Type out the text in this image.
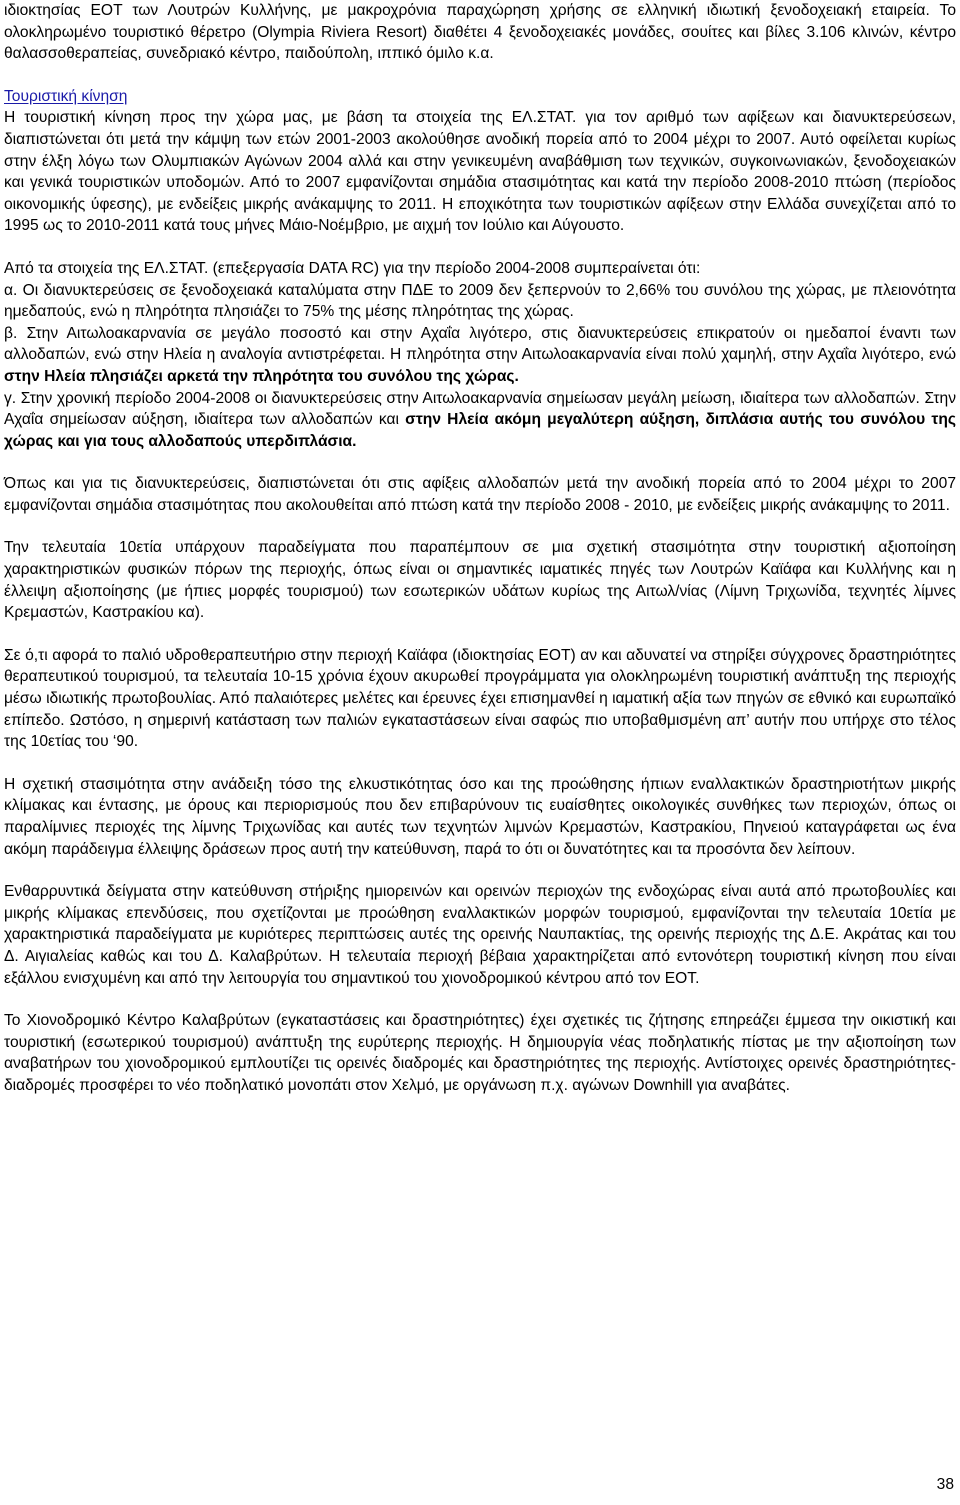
ιδιοκτησίας ΕΟΤ των Λουτρών Κυλλήνης, με μακροχρόνια παραχώρηση χρήσης σε ελληνική ιδιωτική ξενοδοχειακή εταιρεία. Το ολοκληρωμένο τουριστικό θέρετρο (Olympia Riviera Resort) διαθέτει 4 ξενοδοχειακές μονάδες, σουίτες και βίλες 3.106 κλινών, κέντρο θαλασσοθεραπείας, συνεδριακό κέντρο, παιδούπολη, ιππικό όμιλο κ.α.

Τουριστική κίνηση

Η τουριστική κίνηση προς την χώρα μας, με βάση τα στοιχεία της ΕΛ.ΣΤΑΤ. για τον αριθμό των αφίξεων και διανυκτερεύσεων, διαπιστώνεται ότι μετά την κάμψη των ετών 2001-2003 ακολούθησε ανοδική πορεία από το 2004 μέχρι το 2007. Αυτό οφείλεται κυρίως στην έλξη λόγω των Ολυμπιακών Αγώνων 2004 αλλά και στην γενικευμένη αναβάθμιση των τεχνικών, συγκοινωνιακών, ξενοδοχειακών και γενικά τουριστικών υποδομών. Από το 2007 εμφανίζονται σημάδια στασιμότητας και κατά την περίοδο 2008-2010 πτώση (περίοδος οικονομικής ύφεσης), με ενδείξεις μικρής ανάκαμψης το 2011. Η εποχικότητα των τουριστικών αφίξεων στην Ελλάδα συνεχίζεται από το 1995 ως το 2010-2011 κατά τους μήνες Μάιο-Νοέμβριο, με αιχμή τον Ιούλιο και Αύγουστο.

Από τα στοιχεία της ΕΛ.ΣΤΑΤ. (επεξεργασία DATA RC) για την περίοδο 2004-2008 συμπεραίνεται ότι:

α. Οι διανυκτερεύσεις σε ξενοδοχειακά καταλύματα στην ΠΔΕ το 2009 δεν ξεπερνούν το 2,66% του συνόλου της χώρας, με πλειονότητα ημεδαπούς, ενώ η πληρότητα πλησιάζει το 75% της μέσης πληρότητας της χώρας.

β. Στην Αιτωλοακαρνανία σε μεγάλο ποσοστό και στην Αχαΐα λιγότερο, στις διανυκτερεύσεις επικρατούν οι ημεδαποί έναντι των αλλοδαπών, ενώ στην Ηλεία η αναλογία αντιστρέφεται. Η πληρότητα στην Αιτωλοακαρνανία είναι πολύ χαμηλή, στην Αχαΐα λιγότερο, ενώ στην Ηλεία πλησιάζει αρκετά την πληρότητα του συνόλου της χώρας.

γ. Στην χρονική περίοδο 2004-2008 οι διανυκτερεύσεις στην Αιτωλοακαρνανία σημείωσαν μεγάλη μείωση, ιδιαίτερα των αλλοδαπών. Στην Αχαΐα σημείωσαν αύξηση, ιδιαίτερα των αλλοδαπών και στην Ηλεία ακόμη μεγαλύτερη αύξηση, διπλάσια αυτής του συνόλου της χώρας και για τους αλλοδαπούς υπερδιπλάσια.

Όπως και για τις διανυκτερεύσεις, διαπιστώνεται ότι στις αφίξεις αλλοδαπών μετά την ανοδική πορεία από το 2004 μέχρι το 2007 εμφανίζονται σημάδια στασιμότητας που ακολουθείται από πτώση κατά την περίοδο 2008 - 2010, με ενδείξεις μικρής ανάκαμψης το 2011.

Την τελευταία 10ετία υπάρχουν παραδείγματα που παραπέμπουν σε μια σχετική στασιμότητα στην τουριστική αξιοποίηση χαρακτηριστικών φυσικών πόρων της περιοχής, όπως είναι οι σημαντικές ιαματικές πηγές των Λουτρών Καϊάφα και Κυλλήνης και η έλλειψη αξιοποίησης (με ήπιες μορφές τουρισμού) των εσωτερικών υδάτων κυρίως της Αιτωλ/νίας (Λίμνη Τριχωνίδα, τεχνητές λίμνες Κρεμαστών, Καστρακίου κα).

Σε ό,τι αφορά το παλιό υδροθεραπευτήριο στην περιοχή Καϊάφα (ιδιοκτησίας ΕΟΤ) αν και αδυνατεί να στηρίξει σύγχρονες δραστηριότητες θεραπευτικού τουρισμού, τα τελευταία 10-15 χρόνια έχουν ακυρωθεί προγράμματα για ολοκληρωμένη τουριστική ανάπτυξη της περιοχής μέσω ιδιωτικής πρωτοβουλίας. Από παλαιότερες μελέτες και έρευνες έχει επισημανθεί η ιαματική αξία των πηγών σε εθνικό και ευρωπαϊκό επίπεδο. Ωστόσο, η σημερινή κατάσταση των παλιών εγκαταστάσεων είναι σαφώς πιο υποβαθμισμένη απ’ αυτήν που υπήρχε στο τέλος της 10ετίας του ‘90.

Η σχετική στασιμότητα στην ανάδειξη τόσο της ελκυστικότητας όσο και της προώθησης ήπιων εναλλακτικών δραστηριοτήτων μικρής κλίμακας και έντασης, με όρους και περιορισμούς που δεν επιβαρύνουν τις ευαίσθητες οικολογικές συνθήκες των περιοχών, όπως οι παραλίμνιες περιοχές της λίμνης Τριχωνίδας και αυτές των τεχνητών λιμνών Κρεμαστών, Καστρακίου, Πηνειού καταγράφεται ως ένα ακόμη παράδειγμα έλλειψης δράσεων προς αυτή την κατεύθυνση, παρά το ότι οι δυνατότητες και τα προσόντα δεν λείπουν.

Ενθαρρυντικά δείγματα στην κατεύθυνση στήριξης ημιορεινών και ορεινών περιοχών της ενδοχώρας είναι αυτά από πρωτοβουλίες και μικρής κλίμακας επενδύσεις, που σχετίζονται με προώθηση εναλλακτικών μορφών τουρισμού, εμφανίζονται την τελευταία 10ετία με χαρακτηριστικά παραδείγματα με κυριότερες περιπτώσεις αυτές της ορεινής Ναυπακτίας, της ορεινής περιοχής της Δ.Ε. Ακράτας και του Δ. Αιγιαλείας καθώς και του Δ. Καλαβρύτων. Η τελευταία περιοχή βέβαια χαρακτηρίζεται από εντονότερη τουριστική κίνηση που είναι εξάλλου ενισχυμένη και από την λειτουργία του σημαντικού του χιονοδρομικού κέντρου από τον ΕΟΤ.

Το Χιονοδρομικό Κέντρο Καλαβρύτων (εγκαταστάσεις και δραστηριότητες) έχει σχετικές τις ζήτησης επηρεάζει έμμεσα την οικιστική και τουριστική (εσωτερικού τουρισμού) ανάπτυξη της ευρύτερης περιοχής. Η δημιουργία νέας ποδηλατικής πίστας με την αξιοποίηση των αναβατήρων του χιονοδρομικού εμπλουτίζει τις ορεινές διαδρομές και δραστηριότητες της περιοχής. Αντίστοιχες ορεινές δραστηριότητες-διαδρομές προσφέρει το νέο ποδηλατικό μονοπάτι στον Χελμό, με οργάνωση π.χ. αγώνων Downhill για αναβάτες.

38
